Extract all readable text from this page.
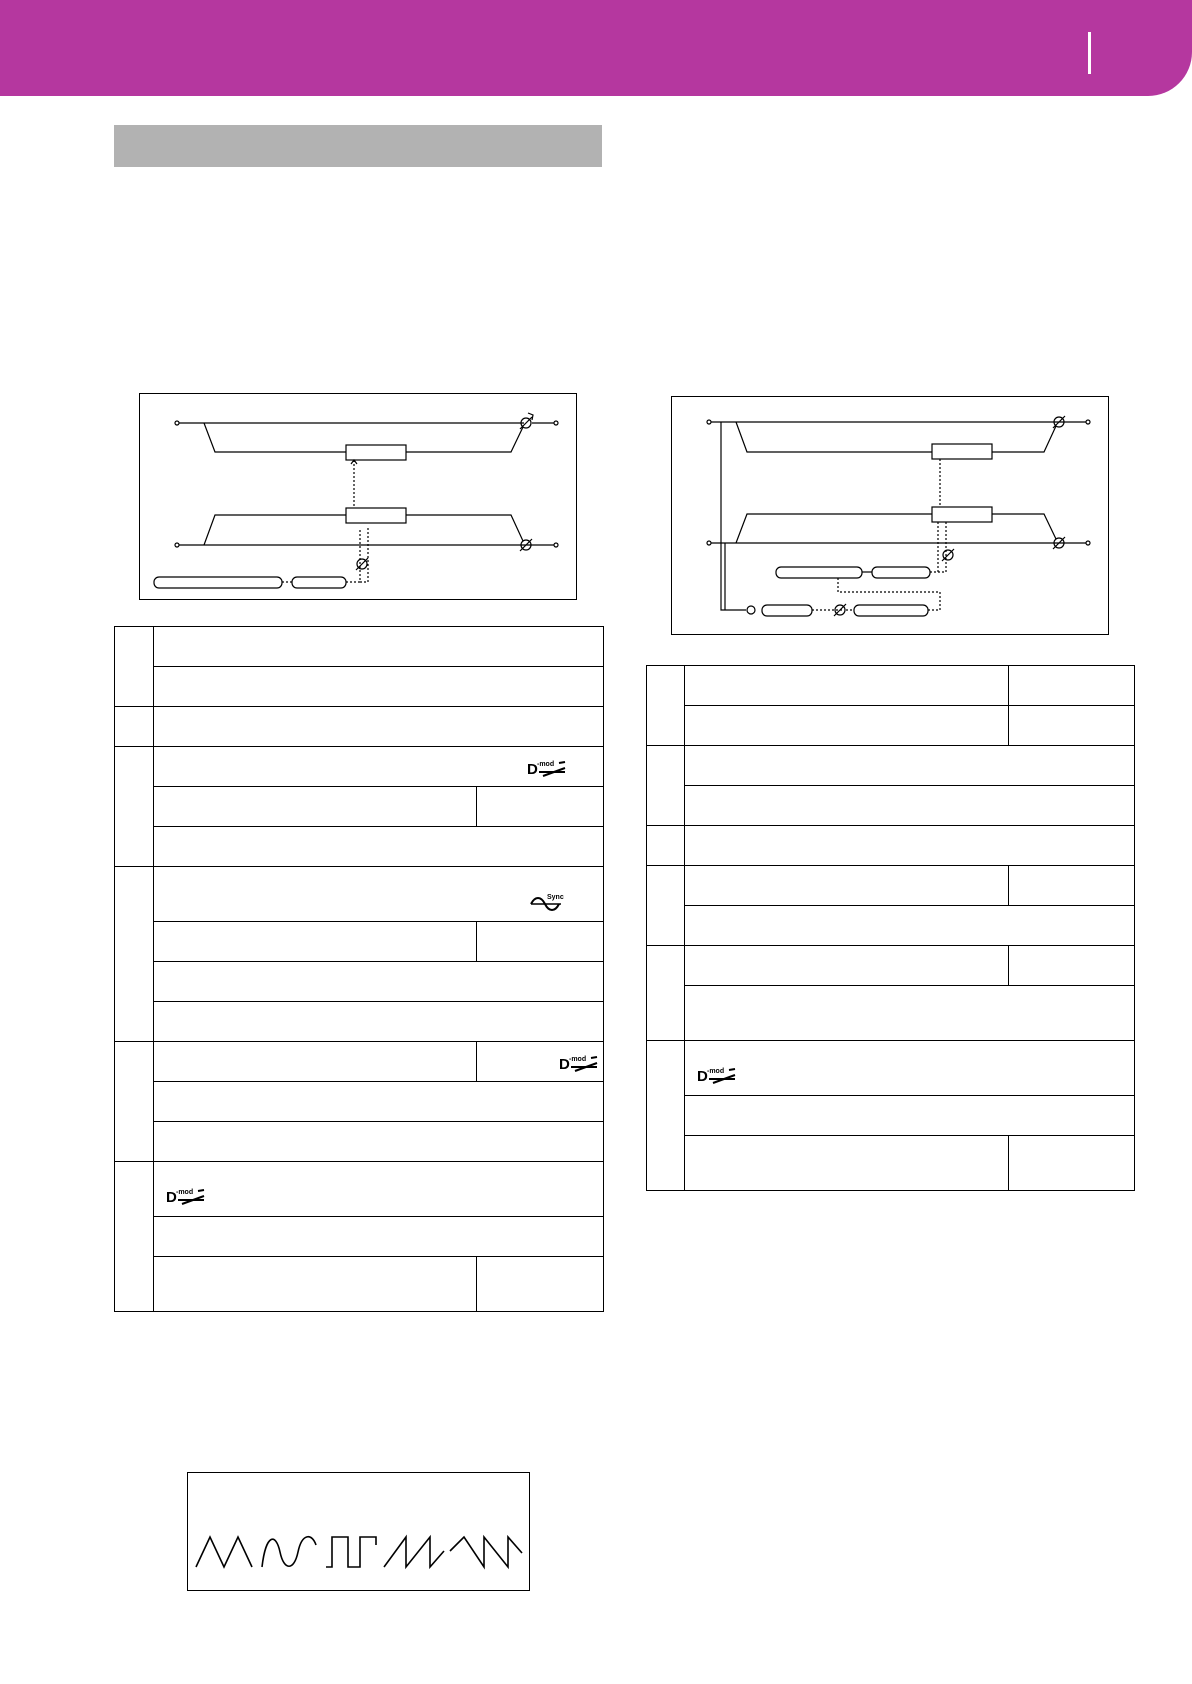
D -mod	

Sync	

D -mod

D -mod	

D -mod	
